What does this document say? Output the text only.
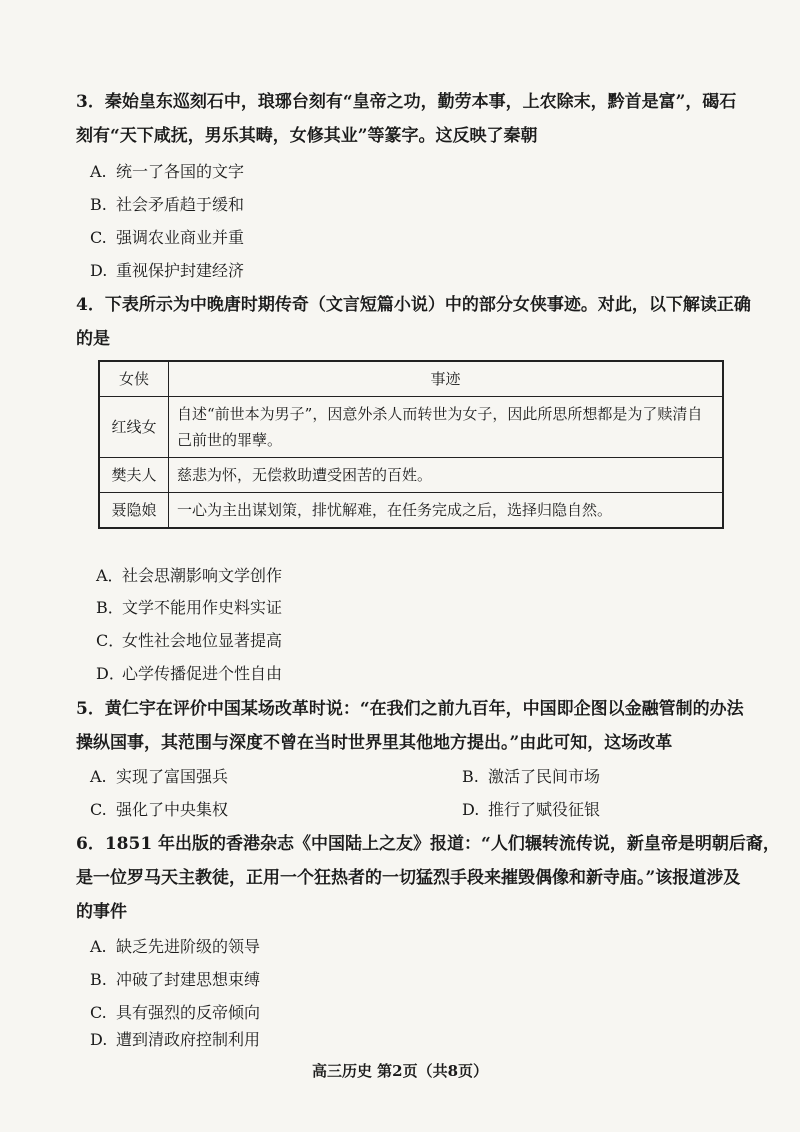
3．秦始皇东巡刻石中，琅琊台刻有“皇帝之功，勤劳本事，上农除末，黔首是富”，碣石
刻有“天下咸抚，男乐其畴，女修其业”等篆字。这反映了秦朝
A. 统一了各国的文字
B. 社会矛盾趋于缓和
C. 强调农业商业并重
D. 重视保护封建经济
4．下表所示为中晚唐时期传奇（文言短篇小说）中的部分女侠事迹。对此，以下解读正确
的是
女侠	事迹
红线女	自述“前世本为男子”，因意外杀人而转世为女子，因此所思所想都是为了赎清自己前世的罪孽。
樊夫人	慈悲为怀，无偿救助遭受困苦的百姓。
聂隐娘	一心为主出谋划策，排忧解难，在任务完成之后，选择归隐自然。
A．社会思潮影响文学创作
B．文学不能用作史料实证
C．女性社会地位显著提高
D．心学传播促进个性自由
5．黄仁宇在评价中国某场改革时说：“在我们之前九百年，中国即企图以金融管制的办法
操纵国事，其范围与深度不曾在当时世界里其他地方提出。”由此可知，这场改革
A. 实现了富国强兵	B. 激活了民间市场
C. 强化了中央集权	D. 推行了赋役征银
6．1851 年出版的香港杂志《中国陆上之友》报道：“人们辗转流传说，新皇帝是明朝后裔，
是一位罗马天主教徒，正用一个狂热者的一切猛烈手段来摧毁偶像和新寺庙。”该报道涉及
的事件
A. 缺乏先进阶级的领导
B. 冲破了封建思想束缚
C. 具有强烈的反帝倾向
D. 遭到清政府控制利用
高三历史 第2页（共8页）
